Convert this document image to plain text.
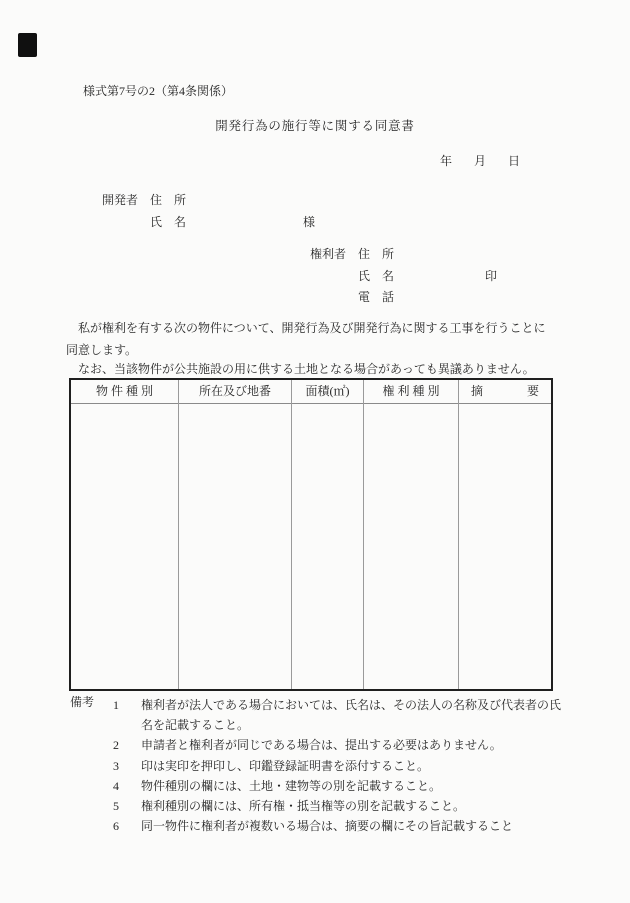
様式第7号の2（第4条関係）
開発行為の施行等に関する同意書
年 月 日
開発者　住　所
氏　名	様
権利者　住　所
氏　名	印
電　話
　私が権利を有する次の物件について、開発行為及び開発行為に関する工事を行うことに
同意します。
　なお、当該物件が公共施設の用に供する土地となる場合があっても異議ありません。
物 件 種 別	所在及び地番	面積(㎡)	権 利 種 別	摘	要
備考 1	権利者が法人である場合においては、氏名は、その法人の名称及び代表者の氏名を記載すること。
2	申請者と権利者が同じである場合は、提出する必要はありません。
3	印は実印を押印し、印鑑登録証明書を添付すること。
4	物件種別の欄には、土地・建物等の別を記載すること。
5	権利種別の欄には、所有権・抵当権等の別を記載すること。
6	同一物件に権利者が複数いる場合は、摘要の欄にその旨記載すること
